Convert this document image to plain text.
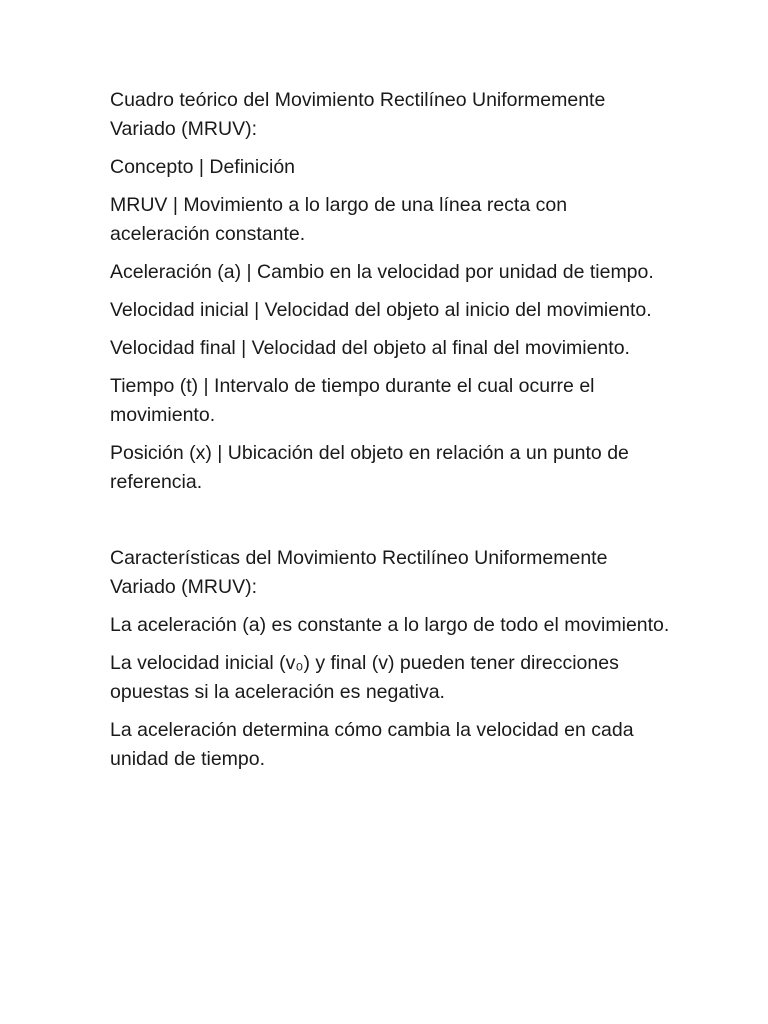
Cuadro teórico del Movimiento Rectilíneo Uniformemente Variado (MRUV):

Concepto | Definición

MRUV | Movimiento a lo largo de una línea recta con aceleración constante.

Aceleración (a) | Cambio en la velocidad por unidad de tiempo.

Velocidad inicial | Velocidad del objeto al inicio del movimiento.

Velocidad final | Velocidad del objeto al final del movimiento.

Tiempo (t) | Intervalo de tiempo durante el cual ocurre el movimiento.

Posición (x) | Ubicación del objeto en relación a un punto de referencia.

Características del Movimiento Rectilíneo Uniformemente Variado (MRUV):

La aceleración (a) es constante a lo largo de todo el movimiento.

La velocidad inicial (v₀) y final (v) pueden tener direcciones opuestas si la aceleración es negativa.

La aceleración determina cómo cambia la velocidad en cada unidad de tiempo.
